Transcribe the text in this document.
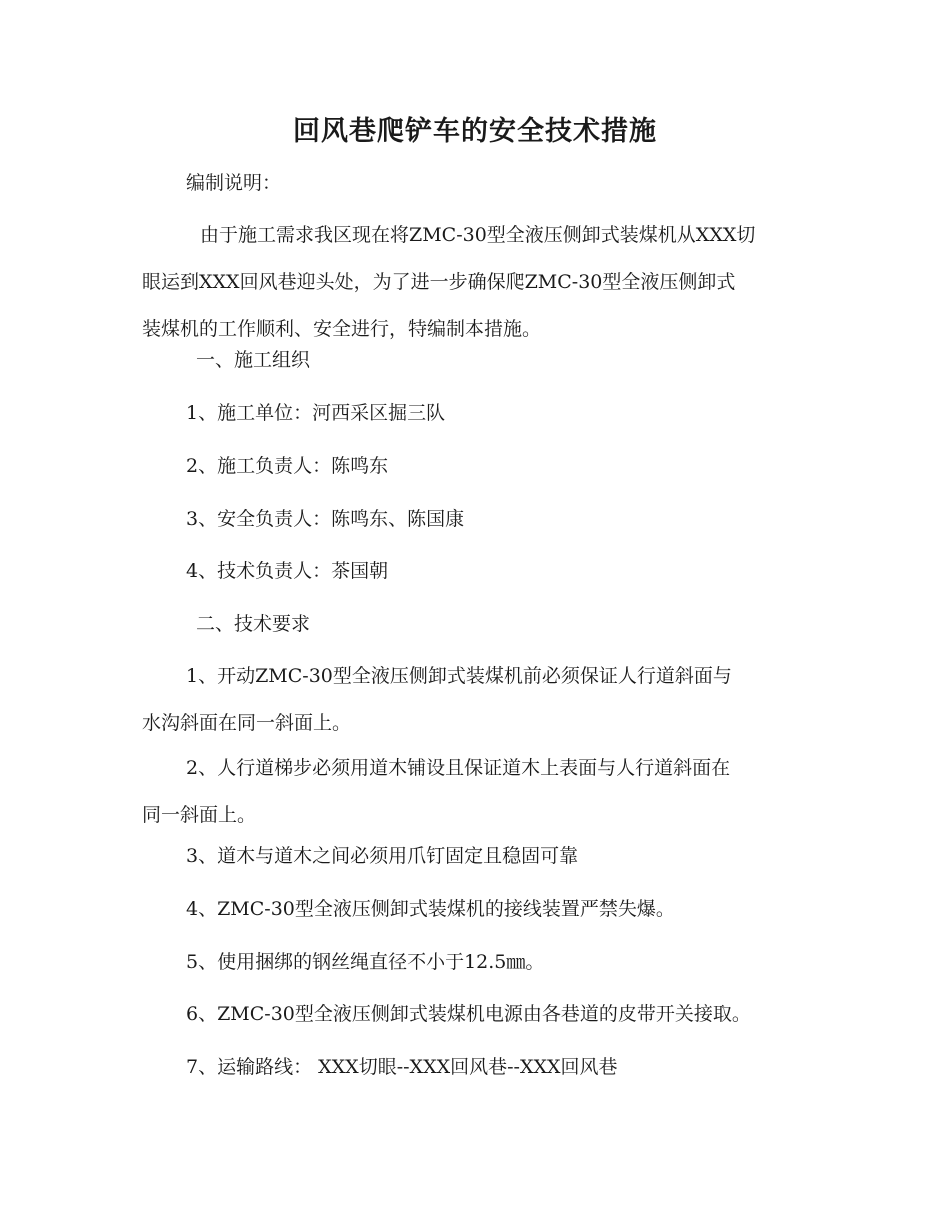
回风巷爬铲车的安全技术措施

编制说明：

由于施工需求我区现在将ZMC-30型全液压侧卸式装煤机从XXX切
眼运到XXX回风巷迎头处，为了进一步确保爬ZMC-30型全液压侧卸式
装煤机的工作顺利、安全进行，特编制本措施。

一、施工组织

1、施工单位：河西采区掘三队

2、施工负责人：陈鸣东

3、安全负责人：陈鸣东、陈国康

4、技术负责人：茶国朝

二、技术要求

1、开动ZMC-30型全液压侧卸式装煤机前必须保证人行道斜面与
水沟斜面在同一斜面上。
2、人行道梯步必须用道木铺设且保证道木上表面与人行道斜面在
同一斜面上。

3、道木与道木之间必须用爪钉固定且稳固可靠

4、ZMC-30型全液压侧卸式装煤机的接线装置严禁失爆。

5、使用捆绑的钢丝绳直径不小于12.5㎜。

6、ZMC-30型全液压侧卸式装煤机电源由各巷道的皮带开关接取。

7、运输路线： XXX切眼--XXX回风巷--XXX回风巷
